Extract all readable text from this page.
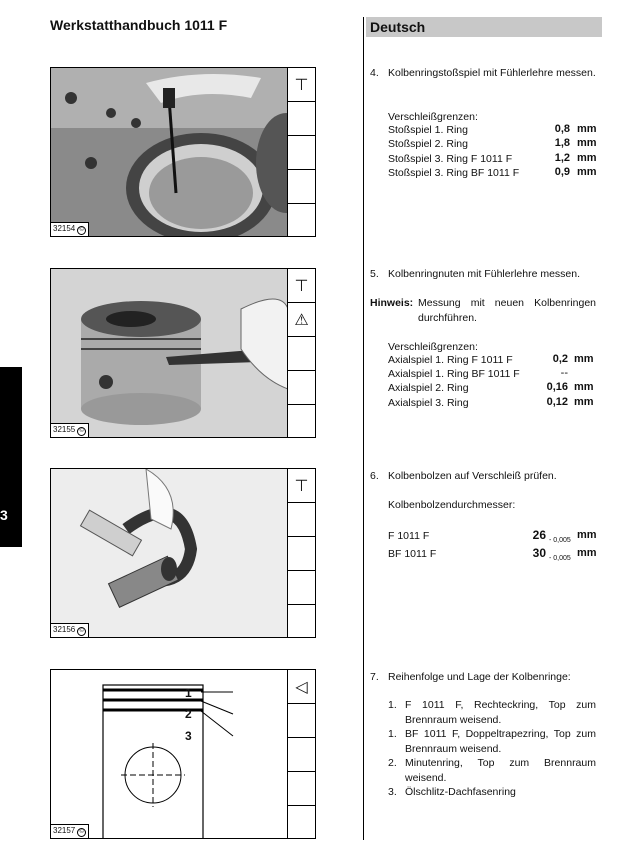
Werkstatthandbuch 1011 F	Deutsch
3
⊤
32154 ©
⊤
⚠
32155 ©
⊤
32156 ©
1
2
3
◁
32157 ©
4. Kolbenringstoßspiel mit Fühlerlehre messen.
Verschleißgrenzen:
Stoßspiel 1. Ring	0,8 mm
Stoßspiel 2. Ring	1,8 mm
Stoßspiel 3. Ring F 1011 F	1,2 mm
Stoßspiel 3. Ring BF 1011 F	0,9 mm
5. Kolbenringnuten mit Fühlerlehre messen.
Hinweis: Messung mit neuen Kolbenringen durchführen.
Verschleißgrenzen:
Axialspiel 1. Ring F 1011 F	0,2 mm
Axialspiel 1. Ring BF 1011 F	--
Axialspiel 2. Ring	0,16 mm
Axialspiel 3. Ring	0,12 mm
6. Kolbenbolzen auf Verschleiß prüfen.
Kolbenbolzendurchmesser:
F 1011 F	26 - 0,005 mm
BF 1011 F	30 - 0,005 mm
7. Reihenfolge und Lage der Kolbenringe:
1. F 1011 F, Rechteckring, Top zum Brennraum weisend.
1. BF 1011 F, Doppeltrapezring, Top zum Brennraum weisend.
2. Minutenring, Top zum Brennraum weisend.
3. Ölschlitz-Dachfasenring
